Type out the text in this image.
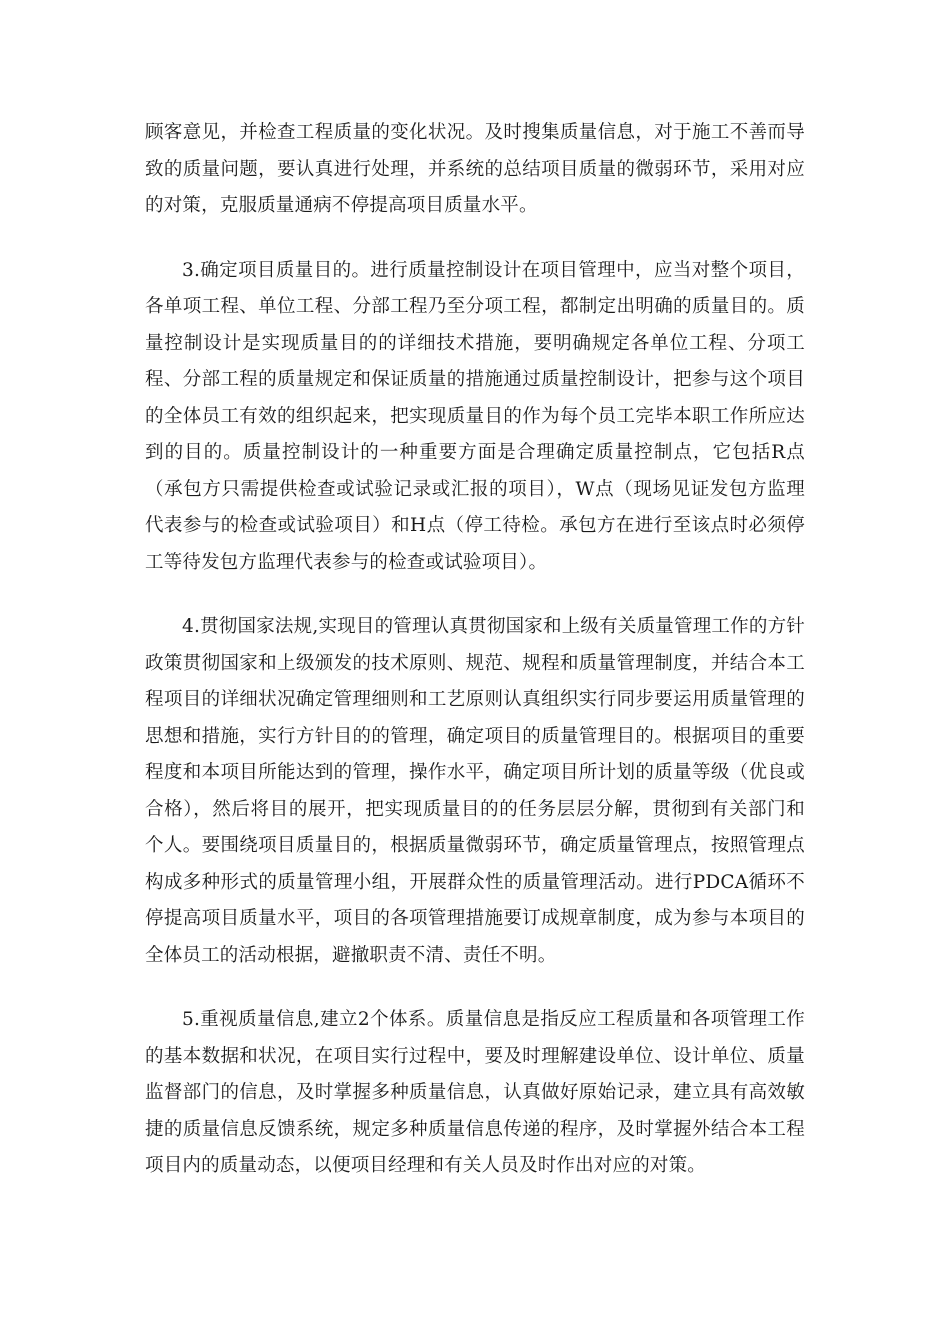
顾客意见，并检查工程质量的变化状况。及时搜集质量信息，对于施工不善而导致的质量问题，要认真进行处理，并系统的总结项目质量的微弱环节，采用对应的对策，克服质量通病不停提高项目质量水平。

3.确定项目质量目的。进行质量控制设计在项目管理中，应当对整个项目，各单项工程、单位工程、分部工程乃至分项工程，都制定出明确的质量目的。质量控制设计是实现质量目的的详细技术措施，要明确规定各单位工程、分项工程、分部工程的质量规定和保证质量的措施通过质量控制设计，把参与这个项目的全体员工有效的组织起来，把实现质量目的作为每个员工完毕本职工作所应达到的目的。质量控制设计的一种重要方面是合理确定质量控制点，它包括R点（承包方只需提供检查或试验记录或汇报的项目），W点（现场见证发包方监理代表参与的检查或试验项目）和H点（停工待检。承包方在进行至该点时必须停工等待发包方监理代表参与的检查或试验项目）。

4.贯彻国家法规,实现目的管理认真贯彻国家和上级有关质量管理工作的方针政策贯彻国家和上级颁发的技术原则、规范、规程和质量管理制度，并结合本工程项目的详细状况确定管理细则和工艺原则认真组织实行同步要运用质量管理的思想和措施，实行方针目的的管理，确定项目的质量管理目的。根据项目的重要程度和本项目所能达到的管理，操作水平，确定项目所计划的质量等级（优良或合格），然后将目的展开，把实现质量目的的任务层层分解，贯彻到有关部门和个人。要围绕项目质量目的，根据质量微弱环节，确定质量管理点，按照管理点构成多种形式的质量管理小组，开展群众性的质量管理活动。进行PDCA循环不停提高项目质量水平，项目的各项管理措施要订成规章制度，成为参与本项目的全体员工的活动根据，避撤职责不清、责任不明。

5.重视质量信息,建立2个体系。质量信息是指反应工程质量和各项管理工作的基本数据和状况，在项目实行过程中，要及时理解建设单位、设计单位、质量监督部门的信息，及时掌握多种质量信息，认真做好原始记录，建立具有高效敏捷的质量信息反馈系统，规定多种质量信息传递的程序，及时掌握外结合本工程项目内的质量动态，以便项目经理和有关人员及时作出对应的对策。
